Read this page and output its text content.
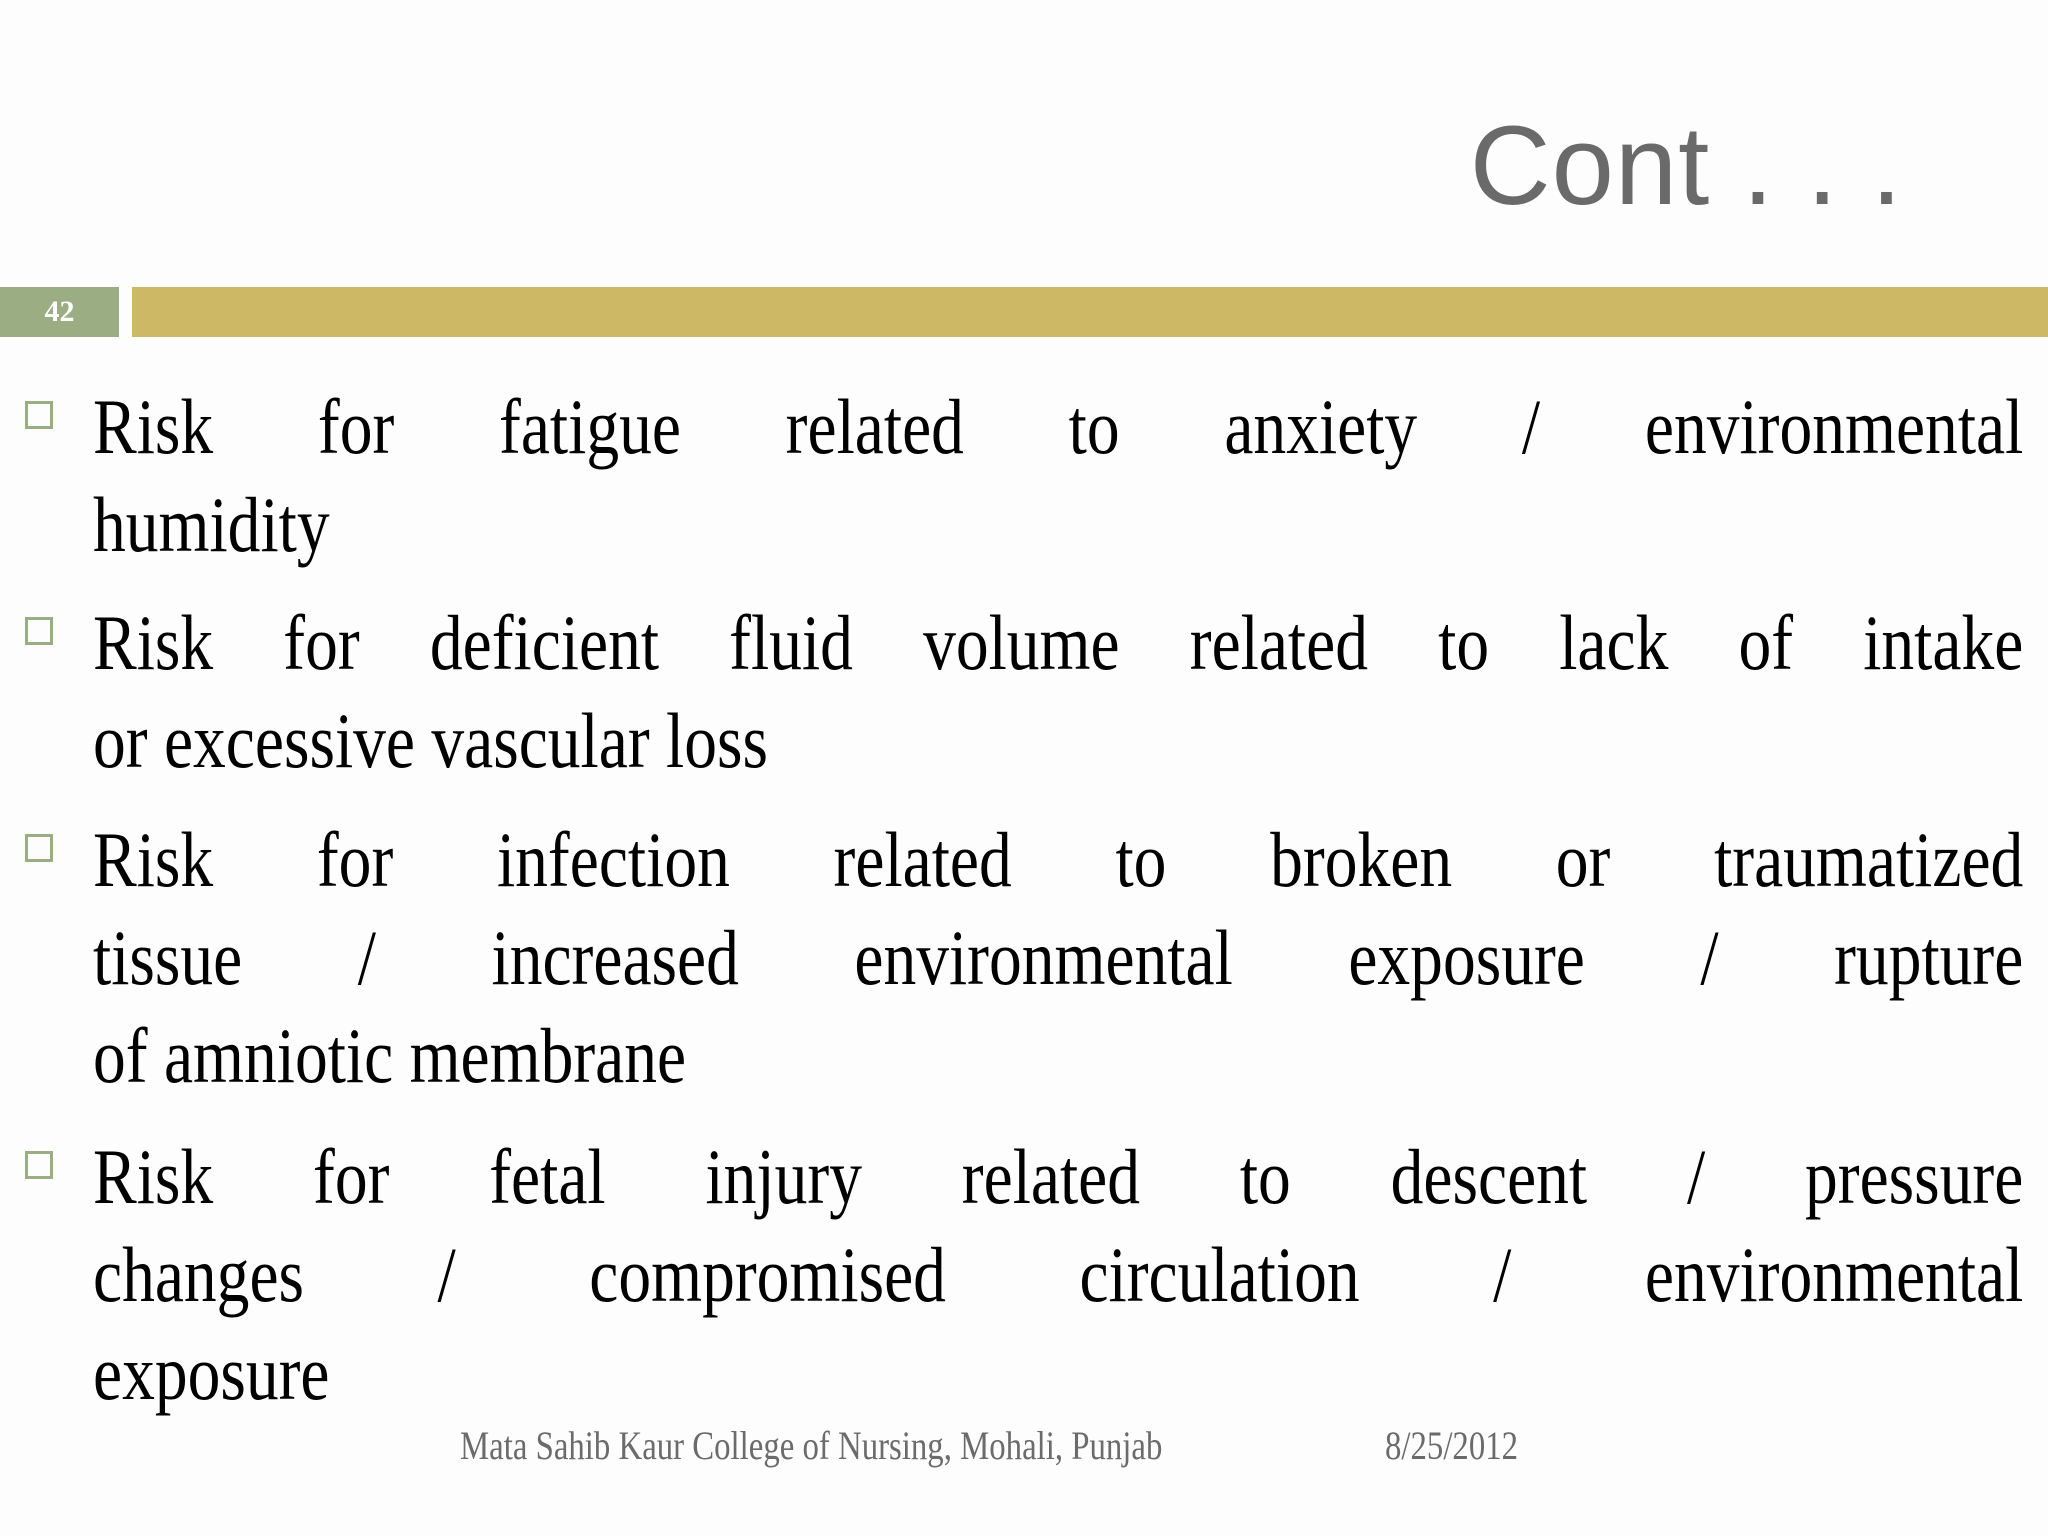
Cont . . .
42
Risk for fatigue related to anxiety / environmental
humidity
Risk for deficient fluid volume related to lack of intake
or excessive vascular loss
Risk for infection related to broken or traumatized
tissue / increased environmental exposure / rupture
of amniotic membrane
Risk for fetal injury related to descent / pressure
changes / compromised circulation / environmental
exposure
Mata Sahib Kaur College of Nursing, Mohali, Punjab	8/25/2012
